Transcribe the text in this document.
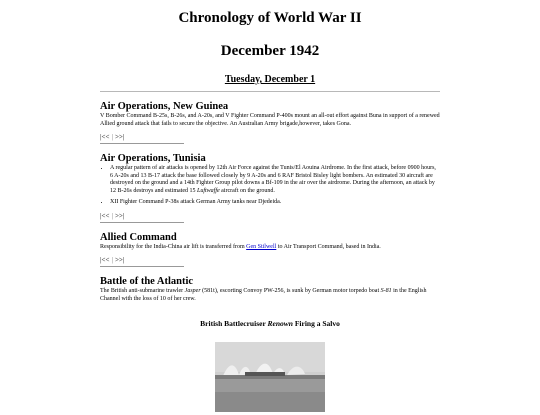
Chronology of World War II
December 1942
Tuesday, December 1
Air Operations, New Guinea

V Bomber Command B-25s, B-26s, and A-20s, and V Fighter Command P-400s mount an all-out effort against Buna in support of a renewed Allied ground attack that fails to secure the objective. An Australian Army brigade,however, takes Gona.

|<< | >>|
Air Operations, Tunisia
• A regular pattern of air attacks is opened by 12th Air Force against the Tunis/El Aouina Airdrome. In the first attack, before 0900 hours, 6 A-20s and 13 B-17 attack the base followed closely by 9 A-20s and 6 RAF Bristol Bisley light bombers. An estimated 30 aircraft are destroyed on the ground and a 14th Fighter Group pilot downs a Bf-109 in the air over the airdrome. During the afternoon, an attack by 12 B-26s destroys and estimated 15 Luftwaffe aircraft on the ground.
• XII Fighter Command P-38s attack German Army tanks near Djedeida.
|<< | >>|
Allied Command

Responsibility for the India-China air lift is transferred from Gen Stilwell to Air Transport Command, based in India.

|<< | >>|
Battle of the Atlantic

The British anti-submarine trawler Jasper (581t), escorting Convoy PW-256, is sunk by German motor torpedo boat S-81 in the English Channel with the loss of 10 of her crew.

British Battlecruiser Renown Firing a Salvo
